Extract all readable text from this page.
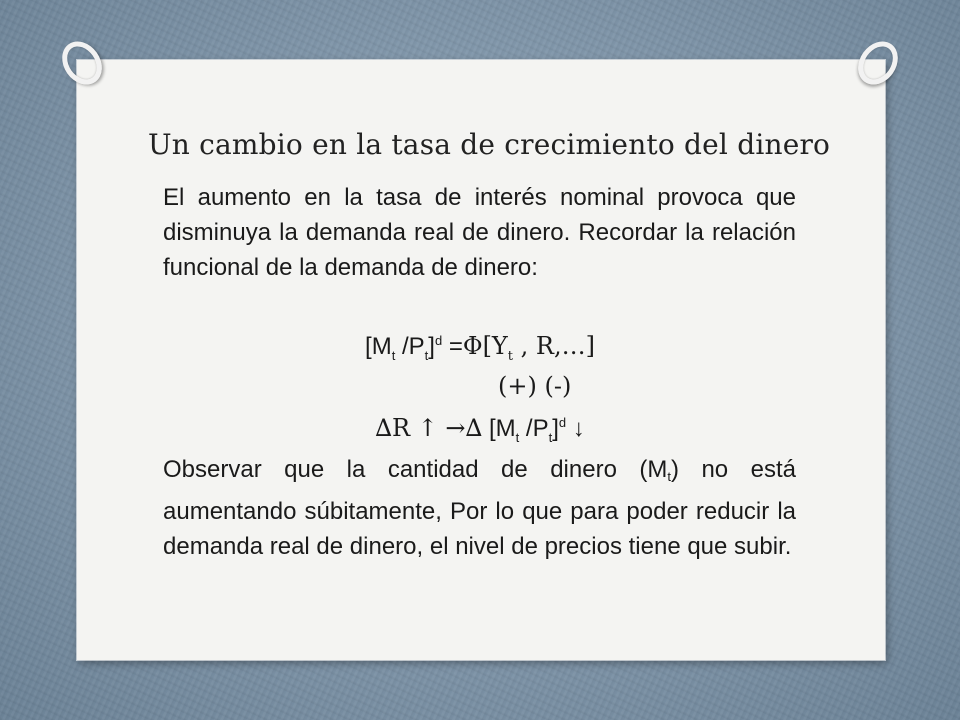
Un cambio en la tasa de crecimiento del dinero
El aumento en la tasa de interés nominal provoca que disminuya la demanda real de dinero. Recordar la relación funcional de la demanda de dinero:
[$M_t$ $/P_t]^d =\Phi[Y_t$ , R,…]
(+) (-)
∆R ↑ →∆ [$M_t$ $/P_t]^d$ ↓
Observar que la cantidad de dinero (Mt) no está aumentando súbitamente, Por lo que para poder reducir la demanda real de dinero, el nivel de precios tiene que subir.
